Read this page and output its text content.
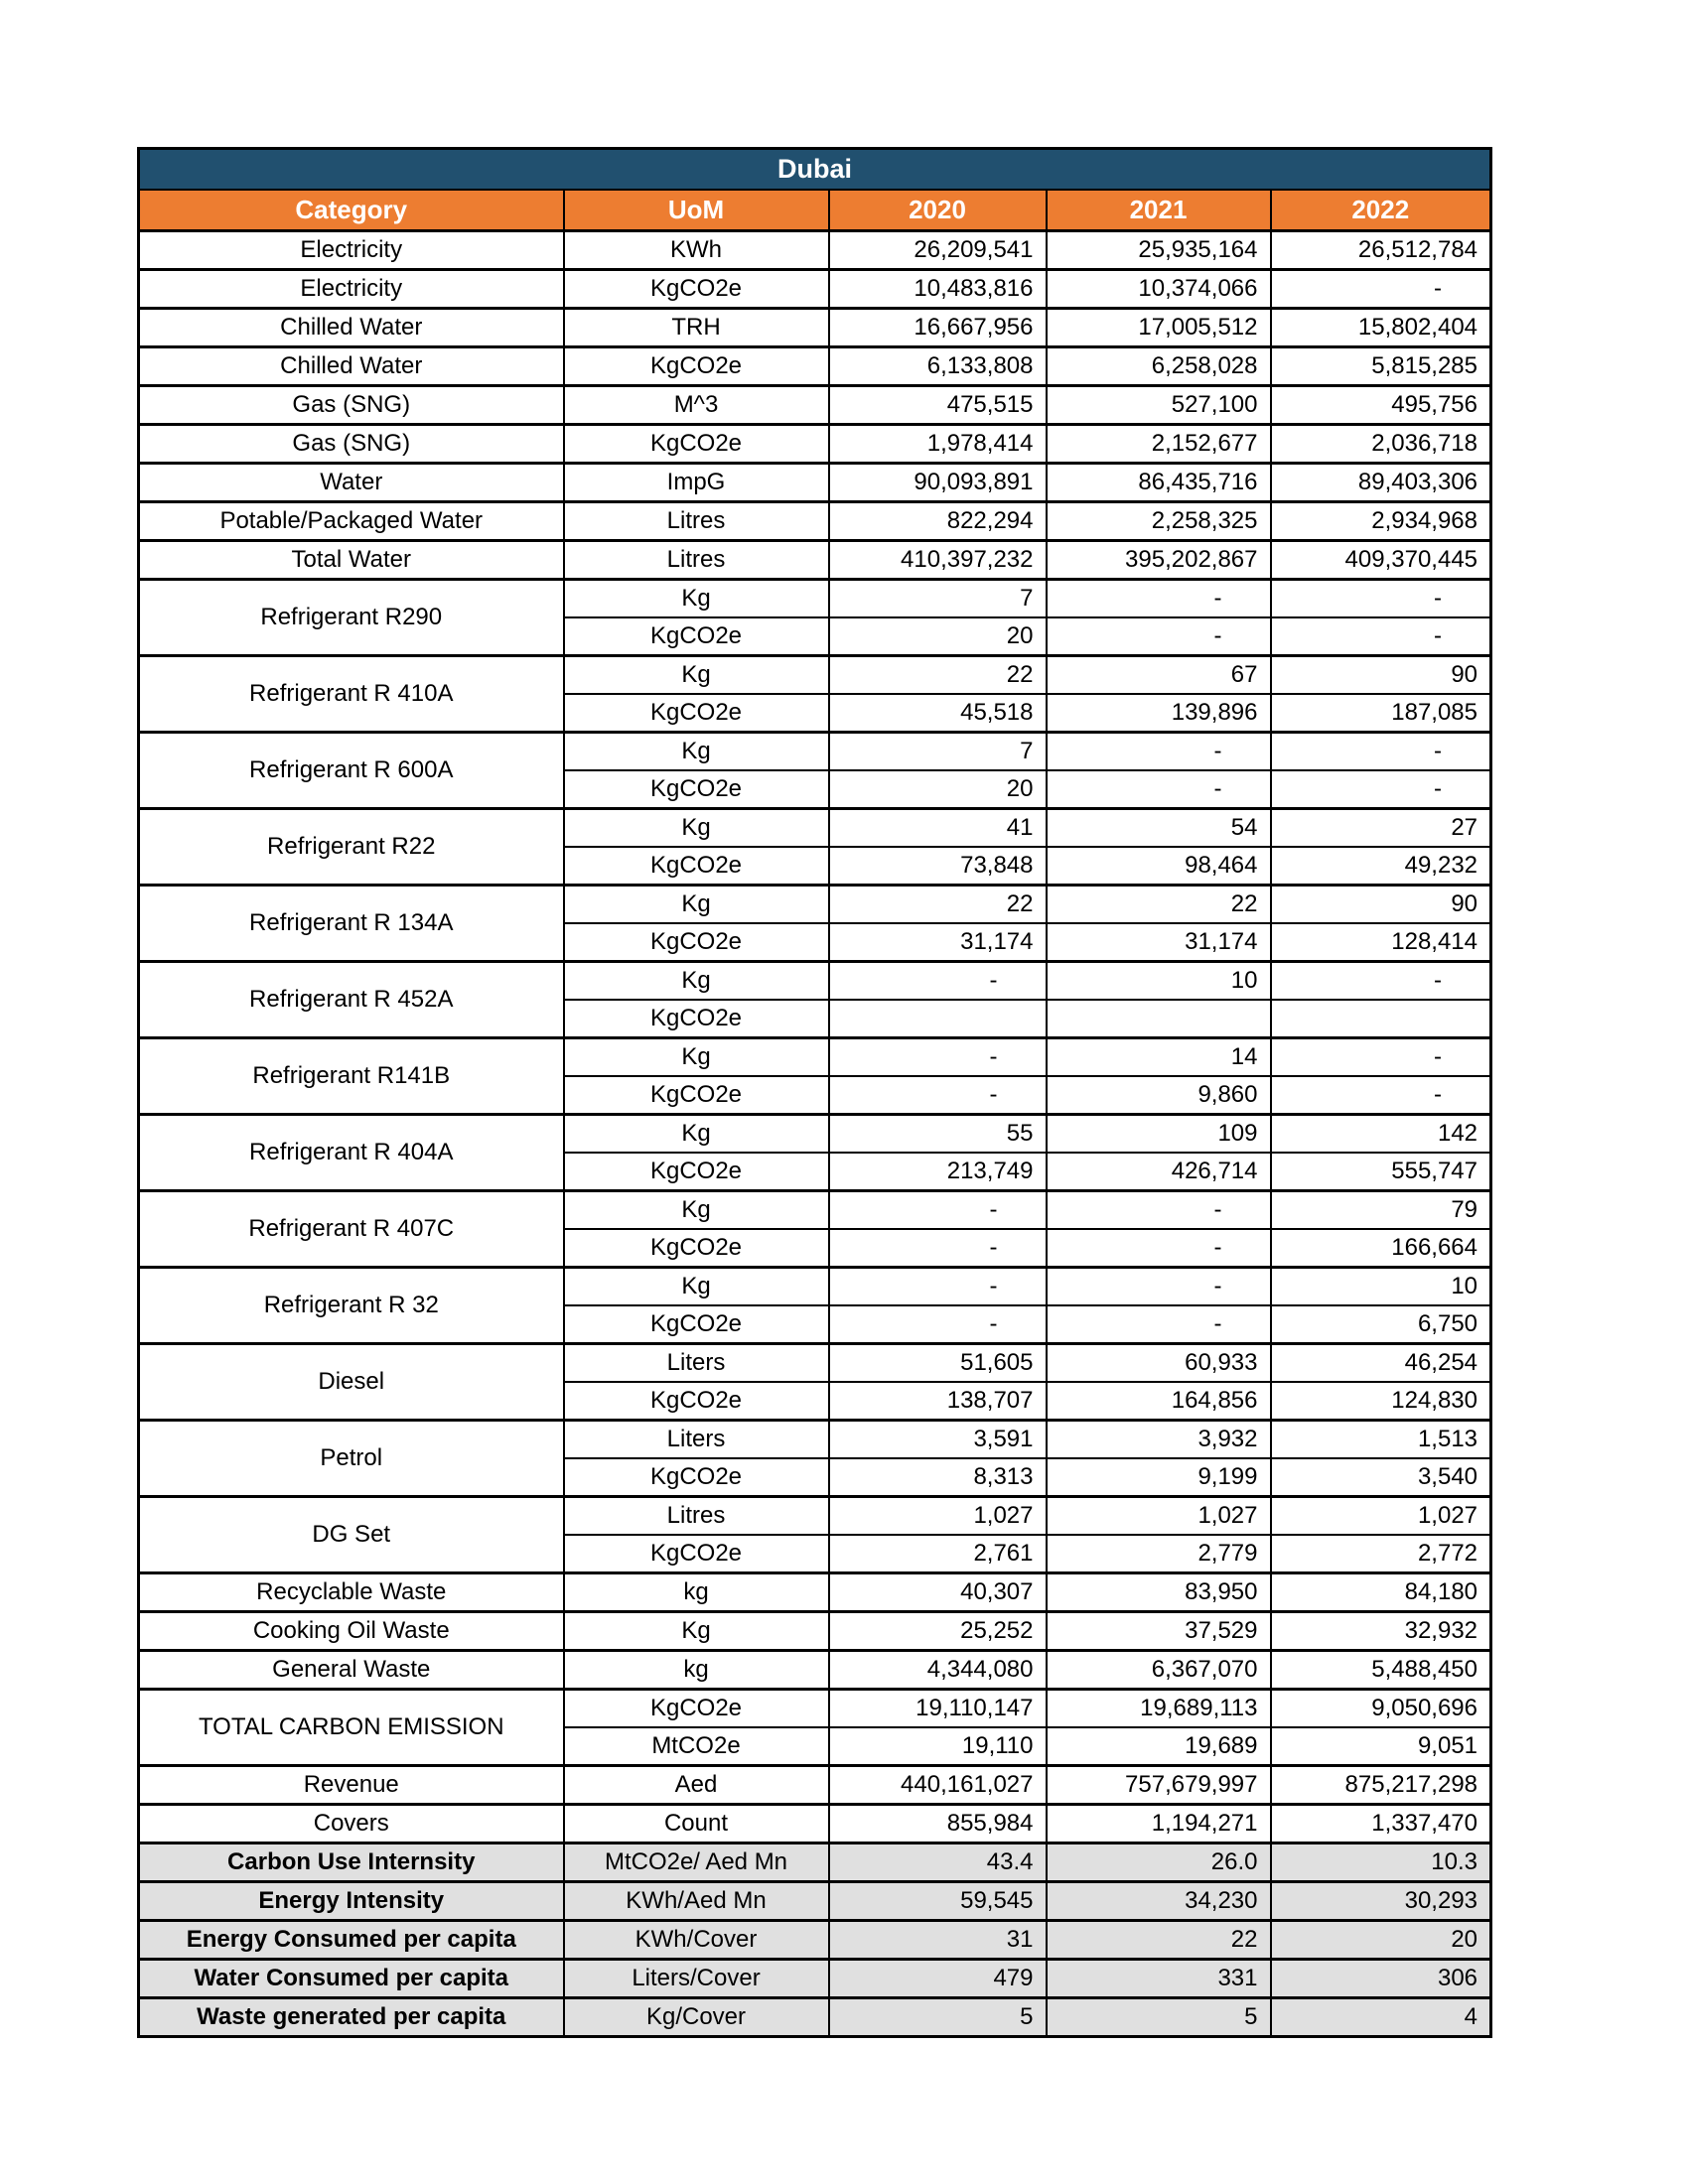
Dubai				
Category	UoM	2020	2021	2022
Electricity	KWh	26,209,541	25,935,164	26,512,784
Electricity	KgCO2e	10,483,816	10,374,066	-
Chilled Water	TRH	16,667,956	17,005,512	15,802,404
Chilled Water	KgCO2e	6,133,808	6,258,028	5,815,285
Gas (SNG)	M^3	475,515	527,100	495,756
Gas (SNG)	KgCO2e	1,978,414	2,152,677	2,036,718
Water	ImpG	90,093,891	86,435,716	89,403,306
Potable/Packaged Water	Litres	822,294	2,258,325	2,934,968
Total Water	Litres	410,397,232	395,202,867	409,370,445
Refrigerant R290	Kg	7	-	-
	KgCO2e	20	-	-
Refrigerant R 410A	Kg	22	67	90
	KgCO2e	45,518	139,896	187,085
Refrigerant R 600A	Kg	7	-	-
	KgCO2e	20	-	-
Refrigerant R22	Kg	41	54	27
	KgCO2e	73,848	98,464	49,232
Refrigerant R 134A	Kg	22	22	90
	KgCO2e	31,174	31,174	128,414
Refrigerant R 452A	Kg	-	10	-
	KgCO2e			
Refrigerant R141B	Kg	-	14	-
	KgCO2e	-	9,860	-
Refrigerant R 404A	Kg	55	109	142
	KgCO2e	213,749	426,714	555,747
Refrigerant R 407C	Kg	-	-	79
	KgCO2e	-	-	166,664
Refrigerant R 32	Kg	-	-	10
	KgCO2e	-	-	6,750
Diesel	Liters	51,605	60,933	46,254
	KgCO2e	138,707	164,856	124,830
Petrol	Liters	3,591	3,932	1,513
	KgCO2e	8,313	9,199	3,540
DG Set	Litres	1,027	1,027	1,027
	KgCO2e	2,761	2,779	2,772
Recyclable Waste	kg	40,307	83,950	84,180
Cooking Oil Waste	Kg	25,252	37,529	32,932
General Waste	kg	4,344,080	6,367,070	5,488,450
TOTAL CARBON EMISSION	KgCO2e	19,110,147	19,689,113	9,050,696
	MtCO2e	19,110	19,689	9,051
Revenue	Aed	440,161,027	757,679,997	875,217,298
Covers	Count	855,984	1,194,271	1,337,470
Carbon Use Internsity	MtCO2e/ Aed Mn	43.4	26.0	10.3
Energy Intensity	KWh/Aed Mn	59,545	34,230	30,293
Energy Consumed per capita	KWh/Cover	31	22	20
Water Consumed per capita	Liters/Cover	479	331	306
Waste generated per capita	Kg/Cover	5	5	4
